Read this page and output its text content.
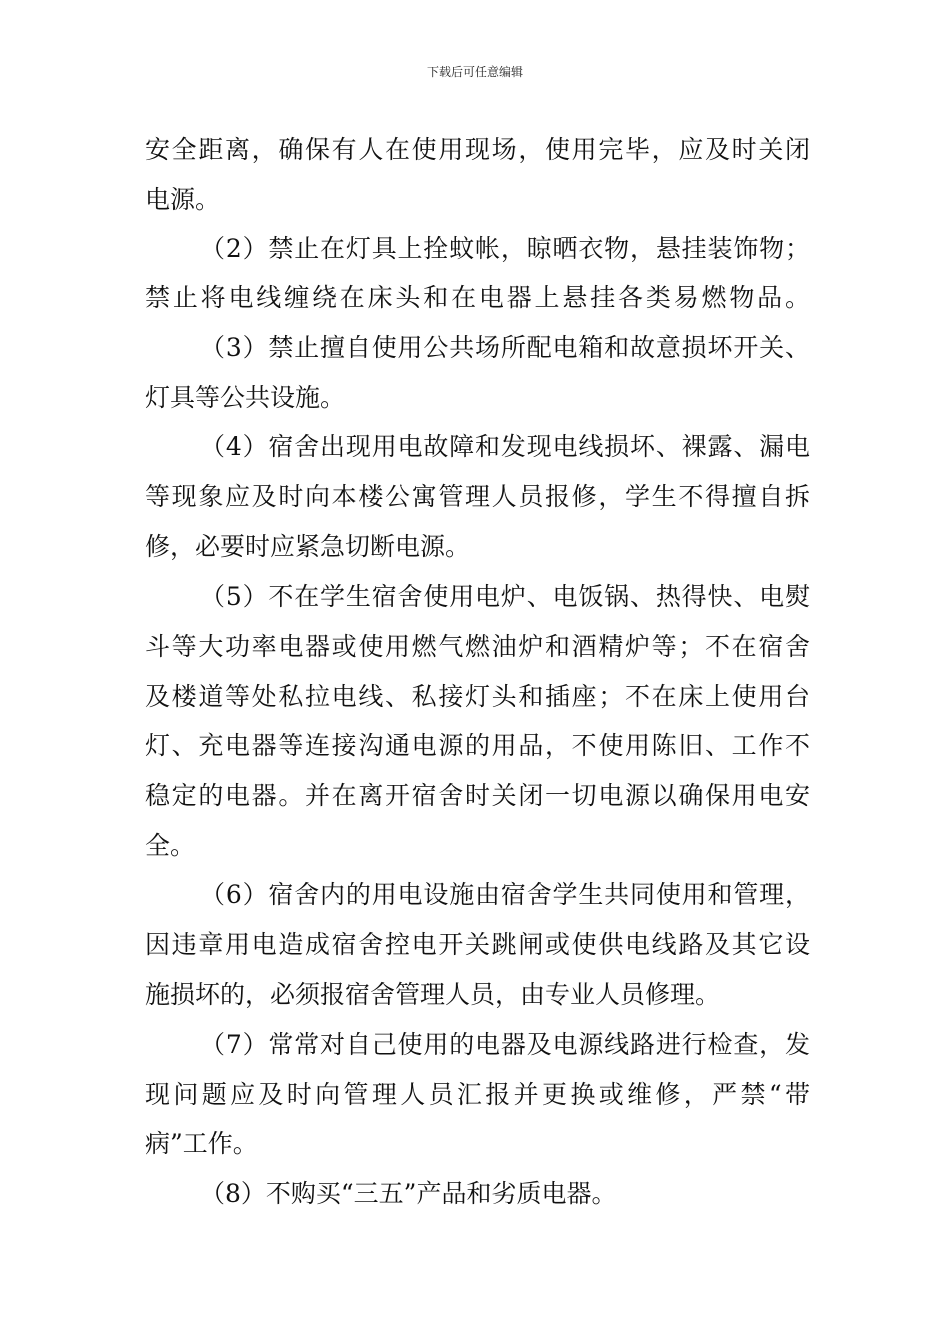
下载后可任意编辑
安全距离，确保有人在使用现场，使用完毕，应及时关闭
电源。
（2）禁止在灯具上拴蚊帐，晾晒衣物，悬挂装饰物；
禁止将电线缠绕在床头和在电器上悬挂各类易燃物品。
（3）禁止擅自使用公共场所配电箱和故意损坏开关、
灯具等公共设施。
（4）宿舍出现用电故障和发现电线损坏、裸露、漏电
等现象应及时向本楼公寓管理人员报修，学生不得擅自拆
修，必要时应紧急切断电源。
（5）不在学生宿舍使用电炉、电饭锅、热得快、电熨
斗等大功率电器或使用燃气燃油炉和酒精炉等；不在宿舍
及楼道等处私拉电线、私接灯头和插座；不在床上使用台
灯、充电器等连接沟通电源的用品，不使用陈旧、工作不
稳定的电器。并在离开宿舍时关闭一切电源以确保用电安
全。
（6）宿舍内的用电设施由宿舍学生共同使用和管理，
因违章用电造成宿舍控电开关跳闸或使供电线路及其它设
施损坏的，必须报宿舍管理人员，由专业人员修理。
（7）常常对自己使用的电器及电源线路进行检查，发
现问题应及时向管理人员汇报并更换或维修，严禁“带
病”工作。
（8）不购买“三五”产品和劣质电器。
